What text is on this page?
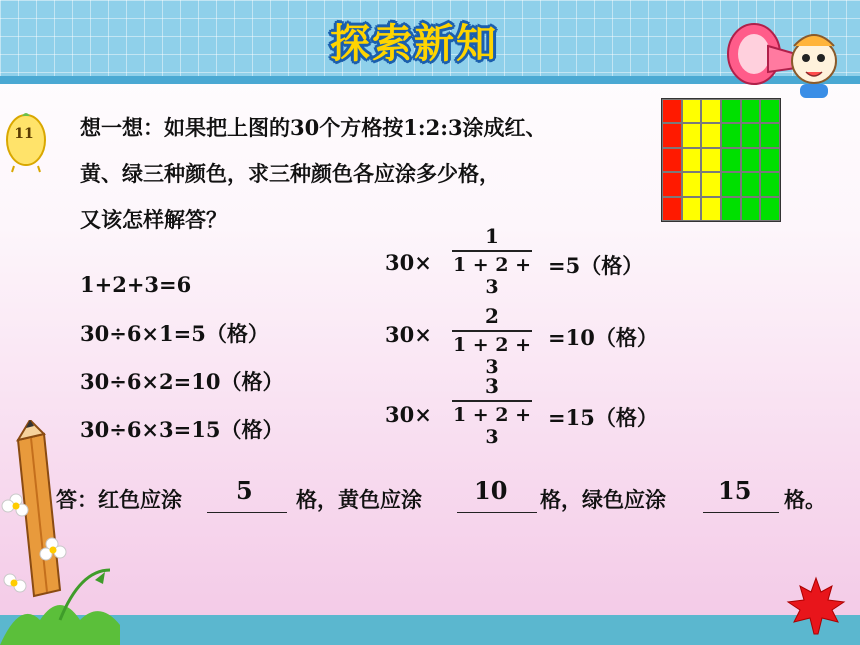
探索新知
11 想一想：如果把上图的30个方格按1:2:3涂成红、
黄、绿三种颜色，求三种颜色各应涂多少格，
又该怎样解答？
1+2+3=6
30÷6×1=5（格）
30÷6×2=10（格）
30÷6×3=15（格）
30×
1
1 + 2 + 3
=5（格）
30×
2
1 + 2 + 3
=10（格）
30×
3
1 + 2 + 3
=15（格）
答：红色应涂 5 格，黄色应涂 10 格，绿色应涂 15 格。
